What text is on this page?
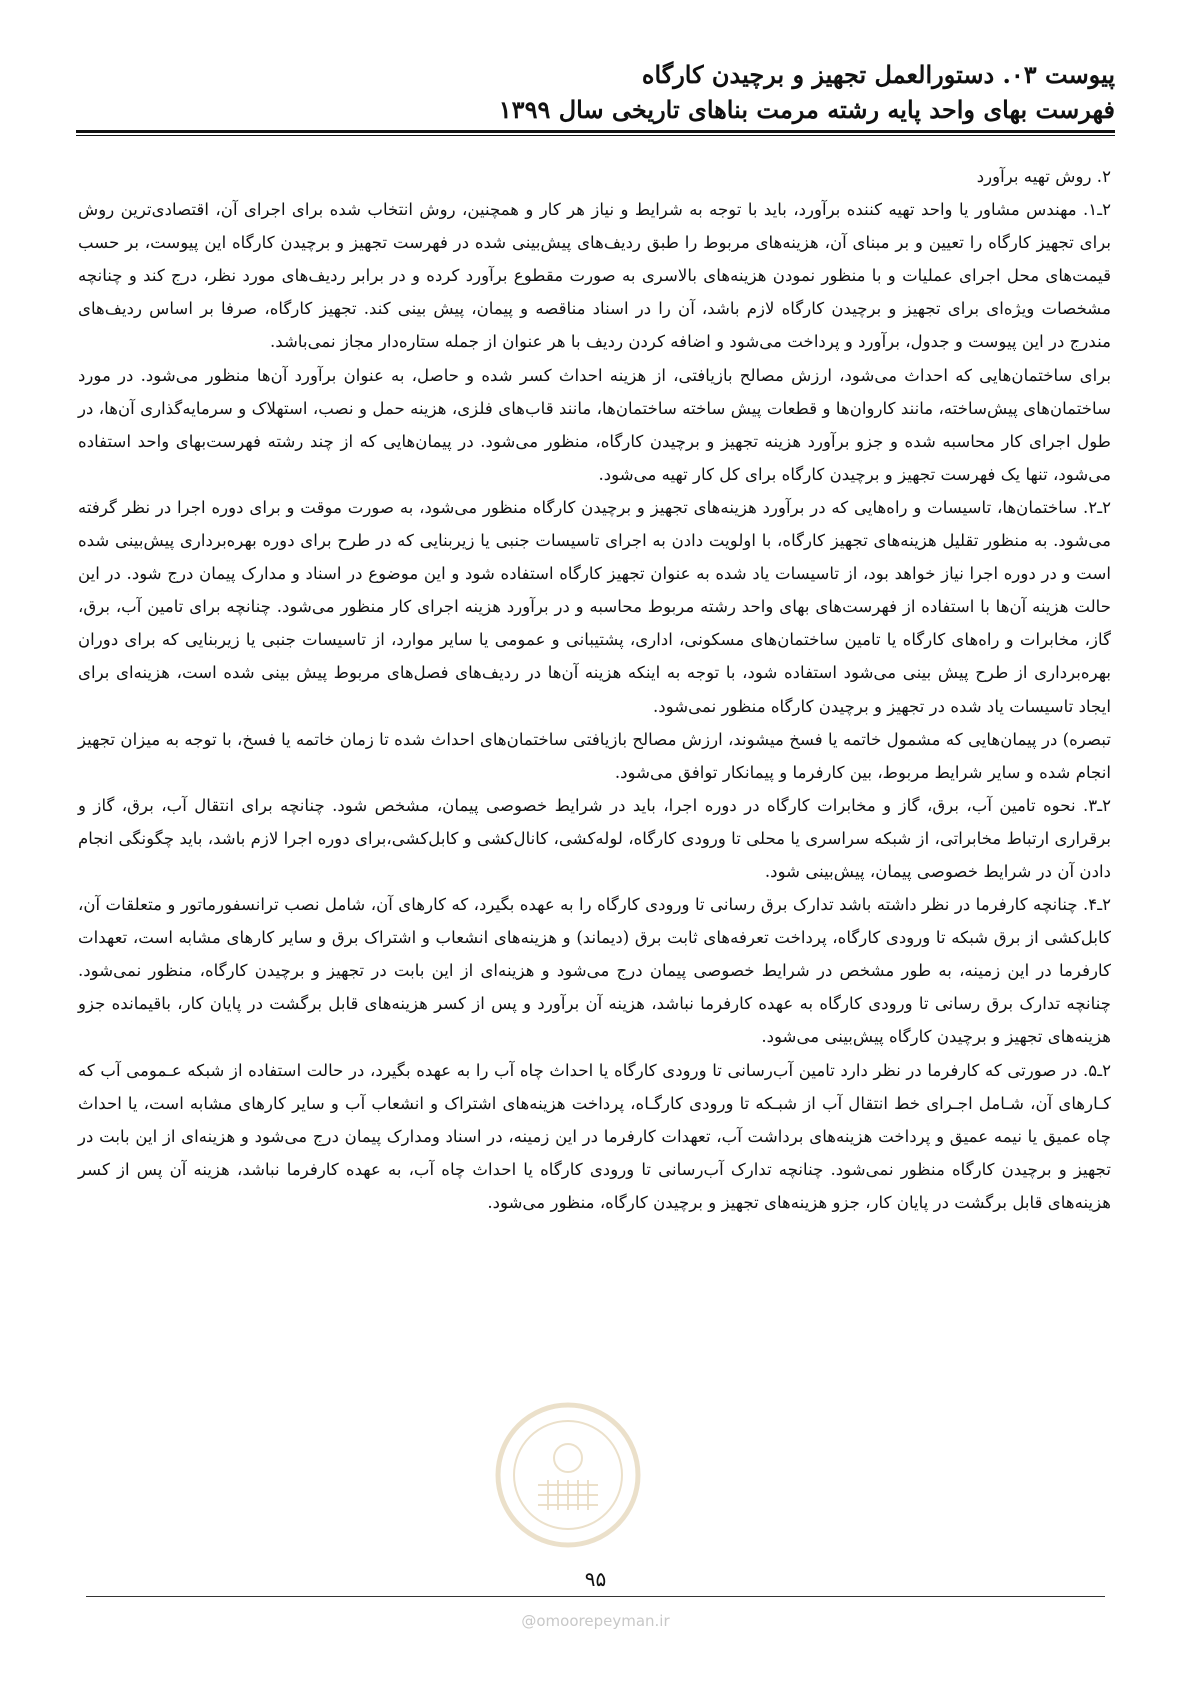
پیوست ۰۳. دستورالعمل تجهیز و برچیدن کارگاه
فهرست بهای واحد پایه رشته مرمت بناهای تاریخی سال ۱۳۹۹

۲. روش تهیه برآورد

۲ـ۱. مهندس مشاور یا واحد تهیه کننده برآورد، باید با توجه به شرایط و نیاز هر کار و همچنین، روش انتخاب شده برای اجرای آن، اقتصادی‌ترین روش برای تجهیز کارگاه را تعیین و بر مبنای آن، هزینه‌های مربوط را طبق ردیف‌های پیش‌بینی شده در فهرست تجهیز و برچیدن کارگاه این پیوست، بر حسب قیمت‌های محل اجرای عملیات و با منظور نمودن هزینه‌های بالاسری به صورت مقطوع برآورد کرده و در برابر ردیف‌های مورد نظر، درج کند و چنانچه مشخصات ویژه‌ای برای تجهیز و برچیدن کارگاه لازم باشد، آن را در اسناد مناقصه و پیمان، پیش بینی کند. تجهیز کارگاه، صرفا بر اساس ردیف‌های مندرج در این پیوست و جدول، برآورد و پرداخت می‌شود و اضافه کردن ردیف با هر عنوان از جمله ستاره‌دار مجاز نمی‌باشد.

برای ساختمان‌هایی که احداث می‌شود، ارزش مصالح بازیافتی، از هزینه احداث کسر شده و حاصل، به عنوان برآورد آن‌ها منظور می‌شود. در مورد ساختمان‌های پیش‌ساخته، مانند کاروان‌ها و قطعات پیش ساخته ساختمان‌ها، مانند قاب‌های فلزی، هزینه حمل و نصب، استهلاک و سرمایه‌گذاری آن‌ها، در طول اجرای کار محاسبه شده و جزو برآورد هزینه تجهیز و برچیدن کارگاه، منظور می‌شود. در پیمان‌هایی که از چند رشته فهرست‌بهای واحد استفاده می‌شود، تنها یک فهرست تجهیز و برچیدن کارگاه برای کل کار تهیه می‌شود.

۲ـ۲. ساختمان‌ها، تاسیسات و راه‌هایی که در برآورد هزینه‌های تجهیز و برچیدن کارگاه منظور می‌شود، به صورت موقت و برای دوره اجرا در نظر گرفته می‌شود. به منظور تقلیل هزینه‌های تجهیز کارگاه، با اولویت دادن به اجرای تاسیسات جنبی یا زیربنایی که در طرح برای دوره بهره‌برداری پیش‌بینی شده است و در دوره اجرا نیاز خواهد بود، از تاسیسات یاد شده به عنوان تجهیز کارگاه استفاده شود و این موضوع در اسناد و مدارک پیمان درج شود. در این حالت هزینه آن‌ها با استفاده از فهرست‌های بهای واحد رشته مربوط محاسبه و در برآورد هزینه اجرای کار منظور می‌شود. چنانچه برای تامین آب، برق، گاز، مخابرات و راه‌های کارگاه یا تامین ساختمان‌های مسکونی، اداری، پشتیبانی و عمومی یا سایر موارد، از تاسیسات جنبی یا زیربنایی که برای دوران بهره‌برداری از طرح پیش بینی می‌شود استفاده شود، با توجه به اینکه هزینه آن‌ها در ردیف‌های فصل‌های مربوط پیش بینی شده است، هزینه‌ای برای ایجاد تاسیسات یاد شده در تجهیز و برچیدن کارگاه منظور نمی‌شود.

تبصره) در پیمان‌هایی که مشمول خاتمه یا فسخ میشوند، ارزش مصالح بازیافتی ساختمان‌های احداث شده تا زمان خاتمه یا فسخ، با توجه به میزان تجهیز انجام شده و سایر شرایط مربوط، بین کارفرما و پیمانکار توافق می‌شود.

۲ـ۳. نحوه تامین آب، برق، گاز و مخابرات کارگاه در دوره اجرا، باید در شرایط خصوصی پیمان، مشخص شود. چنانچه برای انتقال آب، برق، گاز و برقراری ارتباط مخابراتی، از شبکه سراسری یا محلی تا ورودی کارگاه، لوله‌کشی، کانال‌کشی و کابل‌کشی،برای دوره اجرا لازم باشد، باید چگونگی انجام دادن آن در شرایط خصوصی پیمان، پیش‌بینی شود.

۲ـ۴. چنانچه کارفرما در نظر داشته باشد تدارک برق رسانی تا ورودی کارگاه را به عهده بگیرد، که کارهای آن، شامل نصب ترانسفورماتور و متعلقات آن، کابل‌کشی از برق شبکه تا ورودی کارگاه، پرداخت تعرفه‌های ثابت برق (دیماند) و هزینه‌های انشعاب و اشتراک برق و سایر کارهای مشابه است، تعهدات کارفرما در این زمینه، به طور مشخص در شرایط خصوصی پیمان درج می‌شود و هزینه‌ای از این بابت در تجهیز و برچیدن کارگاه، منظور نمی‌شود. چنانچه تدارک برق رسانی تا ورودی کارگاه به عهده کارفرما نباشد، هزینه آن برآورد و پس از کسر هزینه‌های قابل برگشت در پایان کار، باقیمانده جزو هزینه‌های تجهیز و برچیدن کارگاه پیش‌بینی می‌شود.

۲ـ۵. در صورتی که کارفرما در نظر دارد تامین آب‌رسانی تا ورودی کارگاه یا احداث چاه آب را به عهده بگیرد، در حالت استفاده از شبکه عـمومی آب که کـارهای آن، شـامل اجـرای خط انتقال آب از شبـکه تا ورودی کارگـاه، پرداخت هزینه‌های اشتراک و انشعاب آب و سایر کارهای مشابه است، یا احداث چاه عمیق یا نیمه عمیق و پرداخت هزینه‌های برداشت آب، تعهدات کارفرما در این زمینه، در اسناد ومدارک پیمان درج می‌شود و هزینه‌ای از این بابت در تجهیز و برچیدن کارگاه منظور نمی‌شود. چنانچه تدارک آب‌رسانی تا ورودی کارگاه یا احداث چاه آب، به عهده کارفرما نباشد، هزینه آن پس از کسر هزینه‌های قابل برگشت در پایان کار، جزو هزینه‌های تجهیز و برچیدن کارگاه، منظور می‌شود.

۹۵
@omoorepeyman.ir
